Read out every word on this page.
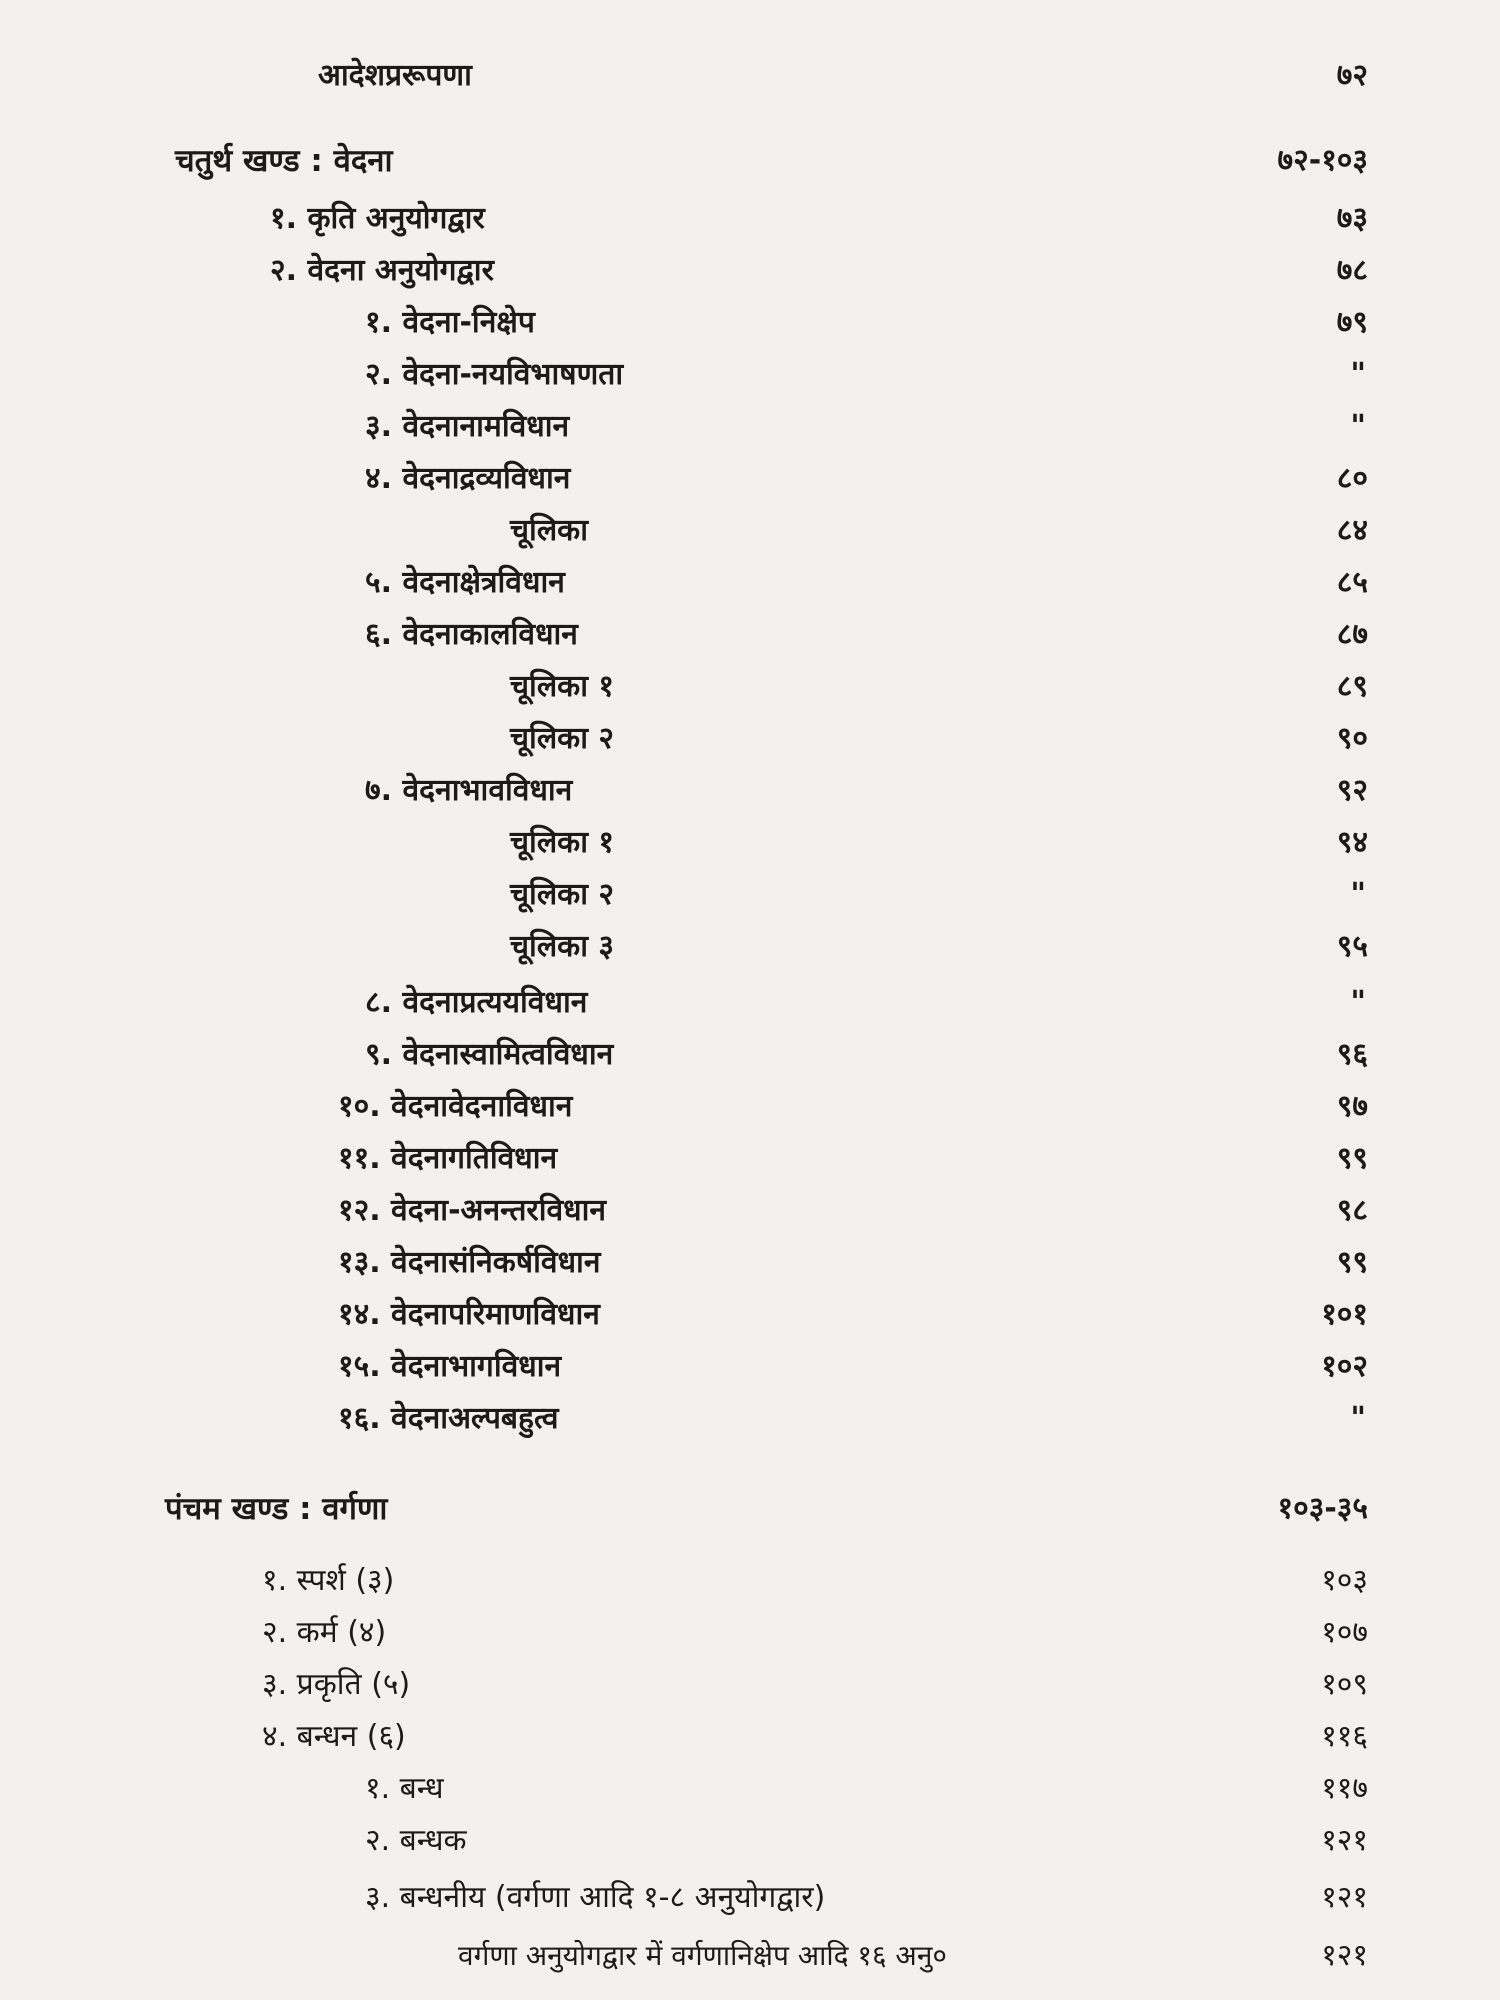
आदेशप्ररूपणा	७२
चतुर्थ खण्ड : वेदना	७२-१०३
१. कृति अनुयोगद्वार	७३
२. वेदना अनुयोगद्वार	७८
१. वेदना-निक्षेप	७९
२. वेदना-नयविभाषणता	"
३. वेदनानामविधान	"
४. वेदनाद्रव्यविधान	८०
चूलिका	८४
५. वेदनाक्षेत्रविधान	८५
६. वेदनाकालविधान	८७
चूलिका १	८९
चूलिका २	९०
७. वेदनाभावविधान	९२
चूलिका १	९४
चूलिका २	"
चूलिका ३	९५
८. वेदनाप्रत्ययविधान	"
९. वेदनास्वामित्वविधान	९६
१०. वेदनावेदनाविधान	९७
११. वेदनागतिविधान	९९
१२. वेदना-अनन्तरविधान	९८
१३. वेदनासंनिकर्षविधान	९९
१४. वेदनापरिमाणविधान	१०१
१५. वेदनाभागविधान	१०२
१६. वेदनाअल्पबहुत्व	"
पंचम खण्ड : वर्गणा	१०३-३५
१. स्पर्श (३)	१०३
२. कर्म (४)	१०७
३. प्रकृति (५)	१०९
४. बन्धन (६)	११६
१. बन्ध	११७
२. बन्धक	१२१
३. बन्धनीय (वर्गणा आदि १-८ अनुयोगद्वार)	१२१
वर्गणा अनुयोगद्वार में वर्गणानिक्षेप आदि १६ अनु०	१२१
